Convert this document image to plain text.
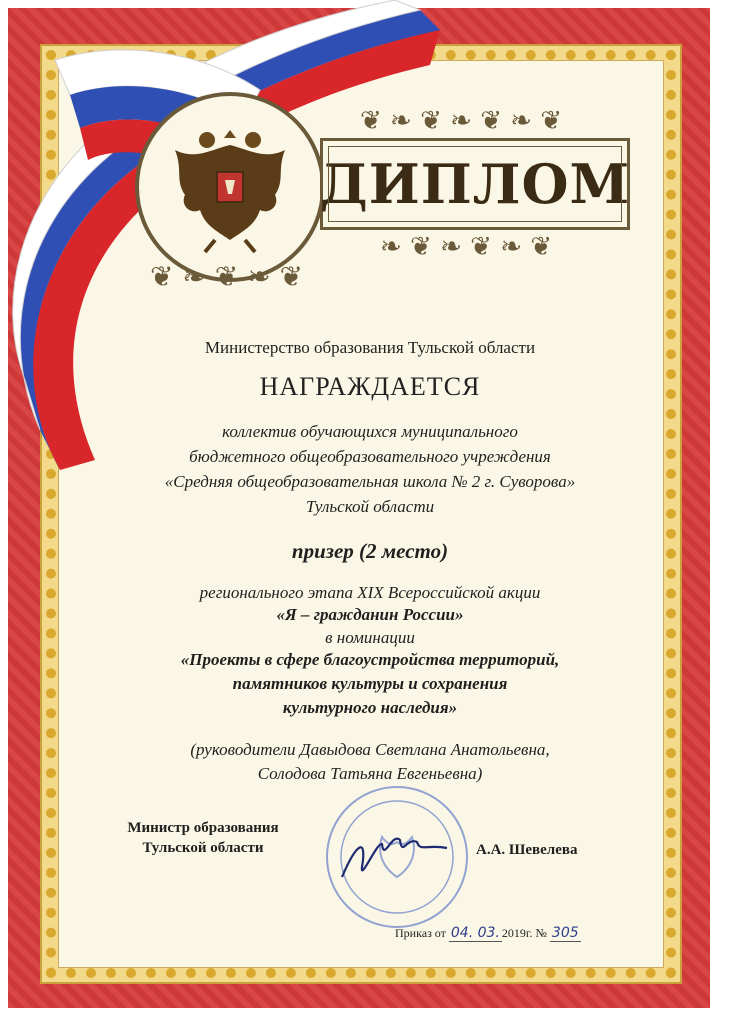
❦ ❧ ❦ ❧ ❦ ❧ ❦
❧ ❦ ❧ ❦ ❧ ❦
❦ ❧ ❦ ❧ ❦
ДИПЛОМ
Министерство образования Тульской области
НАГРАЖДАЕТСЯ
коллектив обучающихся муниципального
бюджетного общеобразовательного учреждения
«Средняя общеобразовательная школа № 2 г. Суворова»
Тульской области
призер (2 место)
регионального этапа XIX Всероссийской акции
«Я – гражданин России»
в номинации
«Проекты в сфере благоустройства территорий,
памятников культуры и сохранения
культурного наследия»
(руководители Давыдова Светлана Анатольевна,
Солодова Татьяна Евгеньевна)
Министр образования
Тульской области	А.А. Шевелева
Приказ от 04. 03. 2019г. № 305
